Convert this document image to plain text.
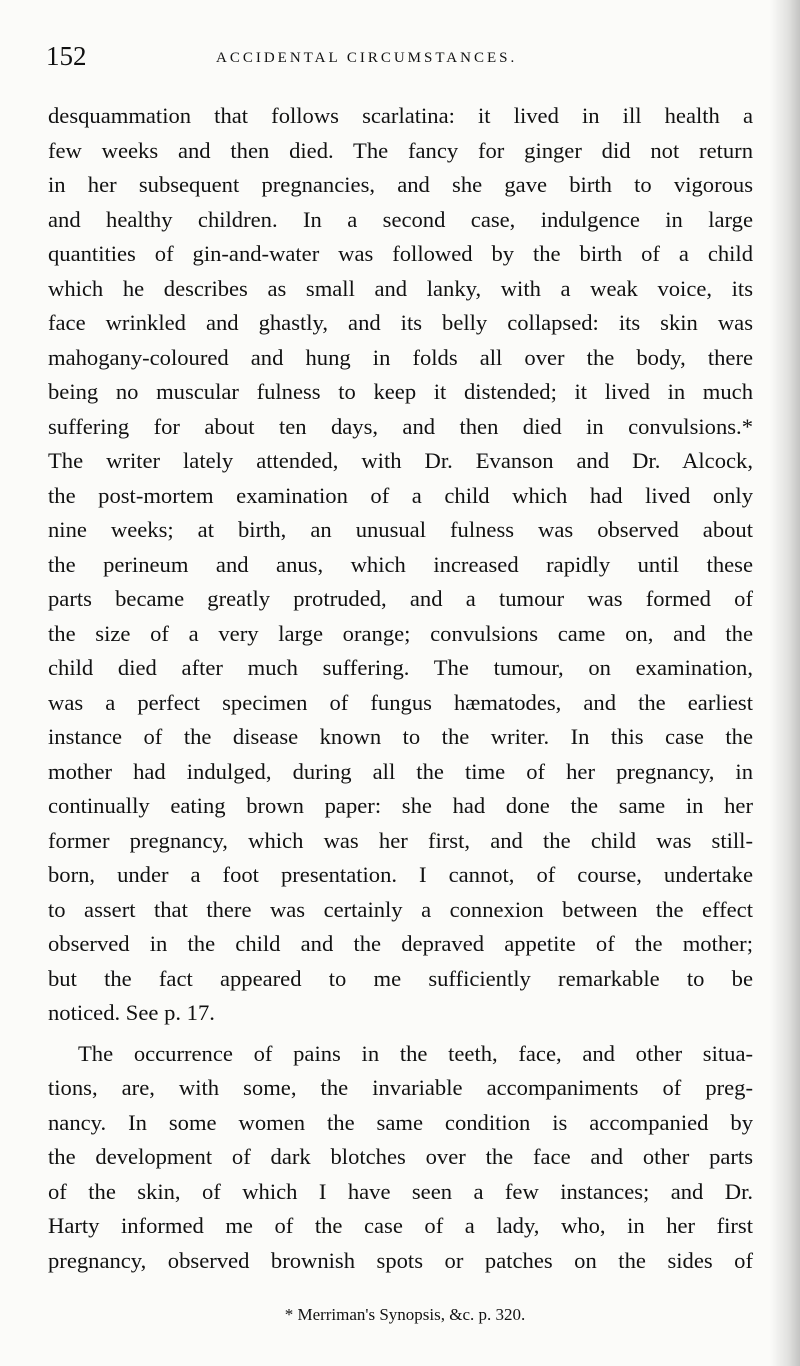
152	ACCIDENTAL CIRCUMSTANCES.
desquammation that follows scarlatina: it lived in ill health a
few weeks and then died. The fancy for ginger did not return
in her subsequent pregnancies, and she gave birth to vigorous
and healthy children. In a second case, indulgence in large
quantities of gin-and-water was followed by the birth of a child
which he describes as small and lanky, with a weak voice, its
face wrinkled and ghastly, and its belly collapsed: its skin was
mahogany-coloured and hung in folds all over the body, there
being no muscular fulness to keep it distended; it lived in much
suffering for about ten days, and then died in convulsions.*
The writer lately attended, with Dr. Evanson and Dr. Alcock,
the post-mortem examination of a child which had lived only
nine weeks; at birth, an unusual fulness was observed about
the perineum and anus, which increased rapidly until these
parts became greatly protruded, and a tumour was formed of
the size of a very large orange; convulsions came on, and the
child died after much suffering. The tumour, on examination,
was a perfect specimen of fungus hæmatodes, and the earliest
instance of the disease known to the writer. In this case the
mother had indulged, during all the time of her pregnancy, in
continually eating brown paper: she had done the same in her
former pregnancy, which was her first, and the child was still-
born, under a foot presentation. I cannot, of course, undertake
to assert that there was certainly a connexion between the effect
observed in the child and the depraved appetite of the mother;
but the fact appeared to me sufficiently remarkable to be
noticed. See p. 17.
The occurrence of pains in the teeth, face, and other situa-
tions, are, with some, the invariable accompaniments of preg-
nancy. In some women the same condition is accompanied by
the development of dark blotches over the face and other parts
of the skin, of which I have seen a few instances; and Dr.
Harty informed me of the case of a lady, who, in her first
pregnancy, observed brownish spots or patches on the sides of
* Merriman's Synopsis, &c. p. 320.
